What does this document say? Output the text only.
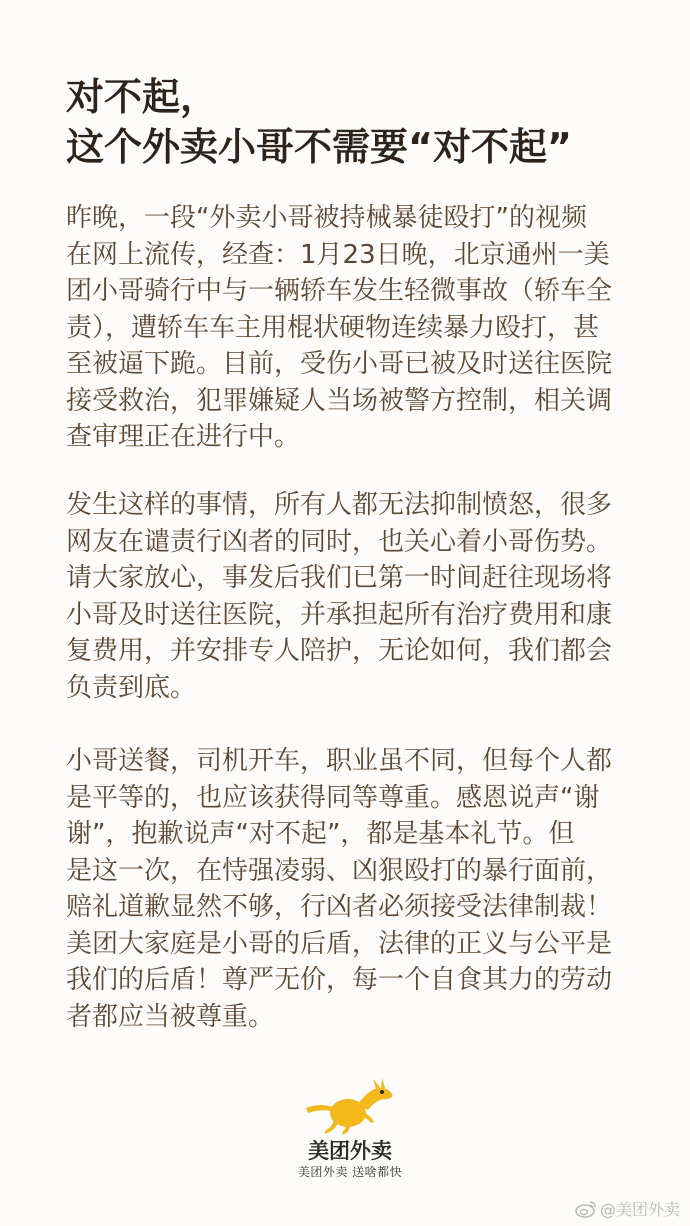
对不起，
这个外卖小哥不需要“对不起”

昨晚，一段“外卖小哥被持械暴徒殴打”的视频
在网上流传，经查：1月23日晚，北京通州一美
团小哥骑行中与一辆轿车发生轻微事故（轿车全
责），遭轿车车主用棍状硬物连续暴力殴打，甚
至被逼下跪。目前，受伤小哥已被及时送往医院
接受救治，犯罪嫌疑人当场被警方控制，相关调
查审理正在进行中。

发生这样的事情，所有人都无法抑制愤怒，很多
网友在谴责行凶者的同时，也关心着小哥伤势。
请大家放心，事发后我们已第一时间赶往现场将
小哥及时送往医院，并承担起所有治疗费用和康
复费用，并安排专人陪护，无论如何，我们都会
负责到底。

小哥送餐，司机开车，职业虽不同，但每个人都
是平等的，也应该获得同等尊重。感恩说声“谢
谢”，抱歉说声“对不起”，都是基本礼节。但
是这一次，在恃强凌弱、凶狠殴打的暴行面前，
赔礼道歉显然不够，行凶者必须接受法律制裁！
美团大家庭是小哥的后盾，法律的正义与公平是
我们的后盾！尊严无价，每一个自食其力的劳动
者都应当被尊重。

美团外卖
美团外卖 送啥都快
@美团外卖
